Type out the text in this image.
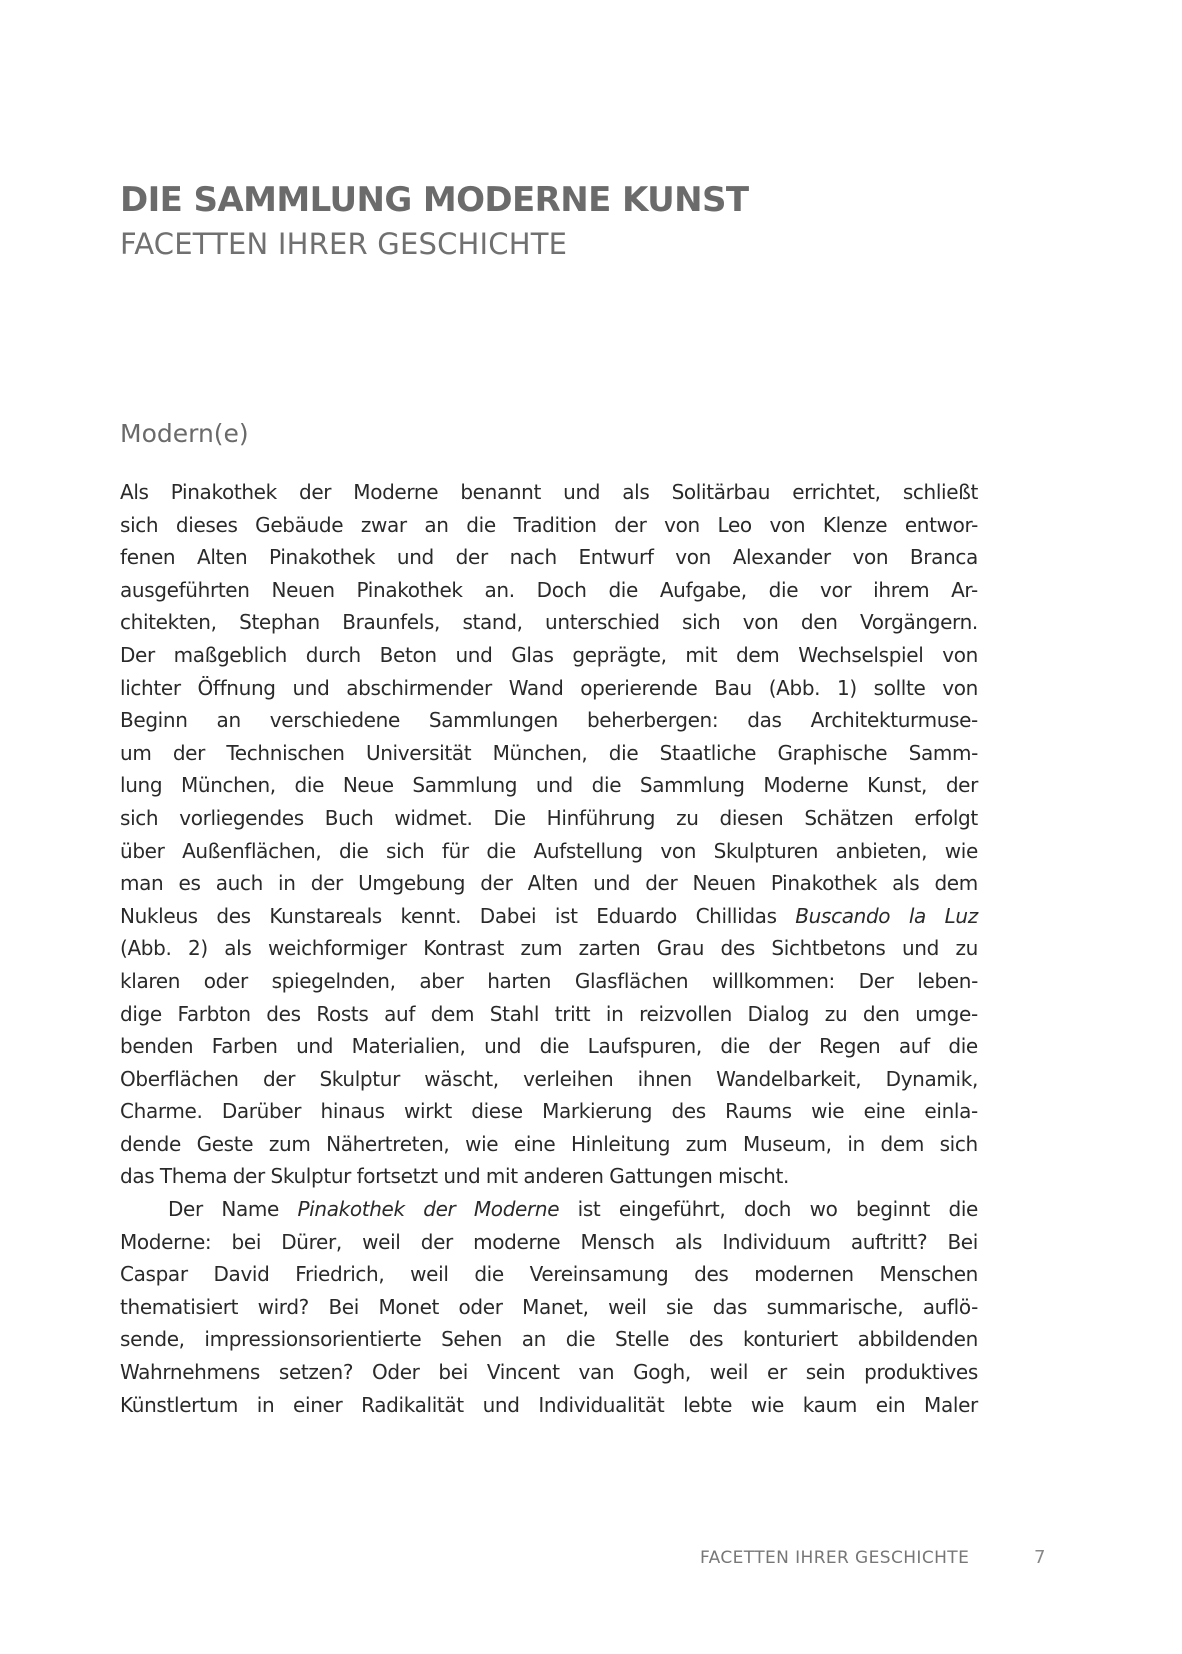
DIE SAMMLUNG MODERNE KUNST
FACETTEN IHRER GESCHICHTE
Modern(e)
Als Pinakothek der Moderne benannt und als Solitärbau errichtet, schließt
sich dieses Gebäude zwar an die Tradition der von Leo von Klenze entwor-
fenen Alten Pinakothek und der nach Entwurf von Alexander von Branca
ausgeführten Neuen Pinakothek an. Doch die Aufgabe, die vor ihrem Ar-
chitekten, Stephan Braunfels, stand, unterschied sich von den Vorgängern.
Der maßgeblich durch Beton und Glas geprägte, mit dem Wechselspiel von
lichter Öffnung und abschirmender Wand operierende Bau (Abb. 1) sollte von
Beginn an verschiedene Sammlungen beherbergen: das Architekturmuse-
um der Technischen Universität München, die Staatliche Graphische Samm-
lung München, die Neue Sammlung und die Sammlung Moderne Kunst, der
sich vorliegendes Buch widmet. Die Hinführung zu diesen Schätzen erfolgt
über Außenflächen, die sich für die Aufstellung von Skulpturen anbieten, wie
man es auch in der Umgebung der Alten und der Neuen Pinakothek als dem
Nukleus des Kunstareals kennt. Dabei ist Eduardo Chillidas Buscando la Luz
(Abb. 2) als weichformiger Kontrast zum zarten Grau des Sichtbetons und zu
klaren oder spiegelnden, aber harten Glasflächen willkommen: Der leben-
dige Farbton des Rosts auf dem Stahl tritt in reizvollen Dialog zu den umge-
benden Farben und Materialien, und die Laufspuren, die der Regen auf die
Oberflächen der Skulptur wäscht, verleihen ihnen Wandelbarkeit, Dynamik,
Charme. Darüber hinaus wirkt diese Markierung des Raums wie eine einla-
dende Geste zum Nähertreten, wie eine Hinleitung zum Museum, in dem sich
das Thema der Skulptur fortsetzt und mit anderen Gattungen mischt.
Der Name Pinakothek der Moderne ist eingeführt, doch wo beginnt die
Moderne: bei Dürer, weil der moderne Mensch als Individuum auftritt? Bei
Caspar David Friedrich, weil die Vereinsamung des modernen Menschen
thematisiert wird? Bei Monet oder Manet, weil sie das summarische, auflö-
sende, impressionsorientierte Sehen an die Stelle des konturiert abbildenden
Wahrnehmens setzen? Oder bei Vincent van Gogh, weil er sein produktives
Künstlertum in einer Radikalität und Individualität lebte wie kaum ein Maler
FACETTEN IHRER GESCHICHTE	7
